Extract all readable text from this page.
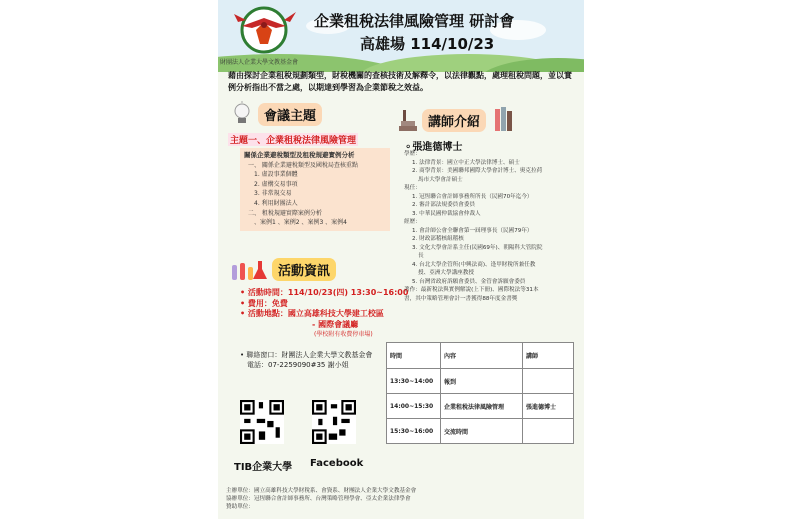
財團法人企業大學文教基金會
企業租稅法律風險管理 研討會
高雄場 114/10/23
藉由探討企業租稅規劃類型，財稅機關的查核技術及解釋令，以法律觀點，處理租稅問題，並以實例分析指出不當之處，以期達到學習為企業節稅之效益。
會議主題
主題一、企業租稅法律風險管理
關係企業避稅類型及租稅規避實例分析
一、 關係企業避稅類型及國稅局查核重點
1. 虛設事業個體
2. 虛構交易事項
3. 非常規交易
4. 利用財團法人
二、 租稅規避實際案例分析
、案例1 、案例2 、案例3 、案例4
活動資訊
• 活動時間：114/10/23(四) 13:30~16:00
• 費用：免費
• 活動地點：國立高雄科技大學建工校區
- 國際會議廳
(學校附有收費停車場)
• 聯絡窗口：財團法人企業大學文教基金會
電話：07-2259090#35 謝小姐
TIB企業大學 Facebook
講師介紹
⚬張進德博士
學歷：
1. 法律背景：國立中正大學法律博士、碩士
2. 商學背景：美國聯邦國際大學會計博士、奧克拉荷
馬市大學會計碩士
現任：
1. 冠恆聯合會計師事務所所長（民國70年迄今）
2. 審計部法規委員會委員
3. 中華民國仲裁協會仲裁人
經歷：
1. 會計師公會全聯會第一屆理事長（民國79年）
2. 財政部稽核組稽核
3. 文化大學會計系主任(民國69年)、朝陽科大管院院
長
4. 台北大學企管所(中興法商)、逢甲財稅所兼任教
授、亞洲大學講座教授
5. 台灣省政府訴願會委員、金管會訴願會委員
著作：最新稅法與實例解說(上下冊)、國際稅法等31本
書，其中策略管理會計一書獲得88年度金書獎
時間	內容	講師
13:30~14:00	報到	
14:00~15:30	企業租稅法律風險管理	張進德博士
15:30~16:00	交流時間	
主辦單位：國立高雄科技大學財稅系、會資系、財團法人企業大學文教基金會
協辦單位：冠恆聯合會計師事務所、台灣策略管理學會、亞太企業法律學會
贊助單位：
